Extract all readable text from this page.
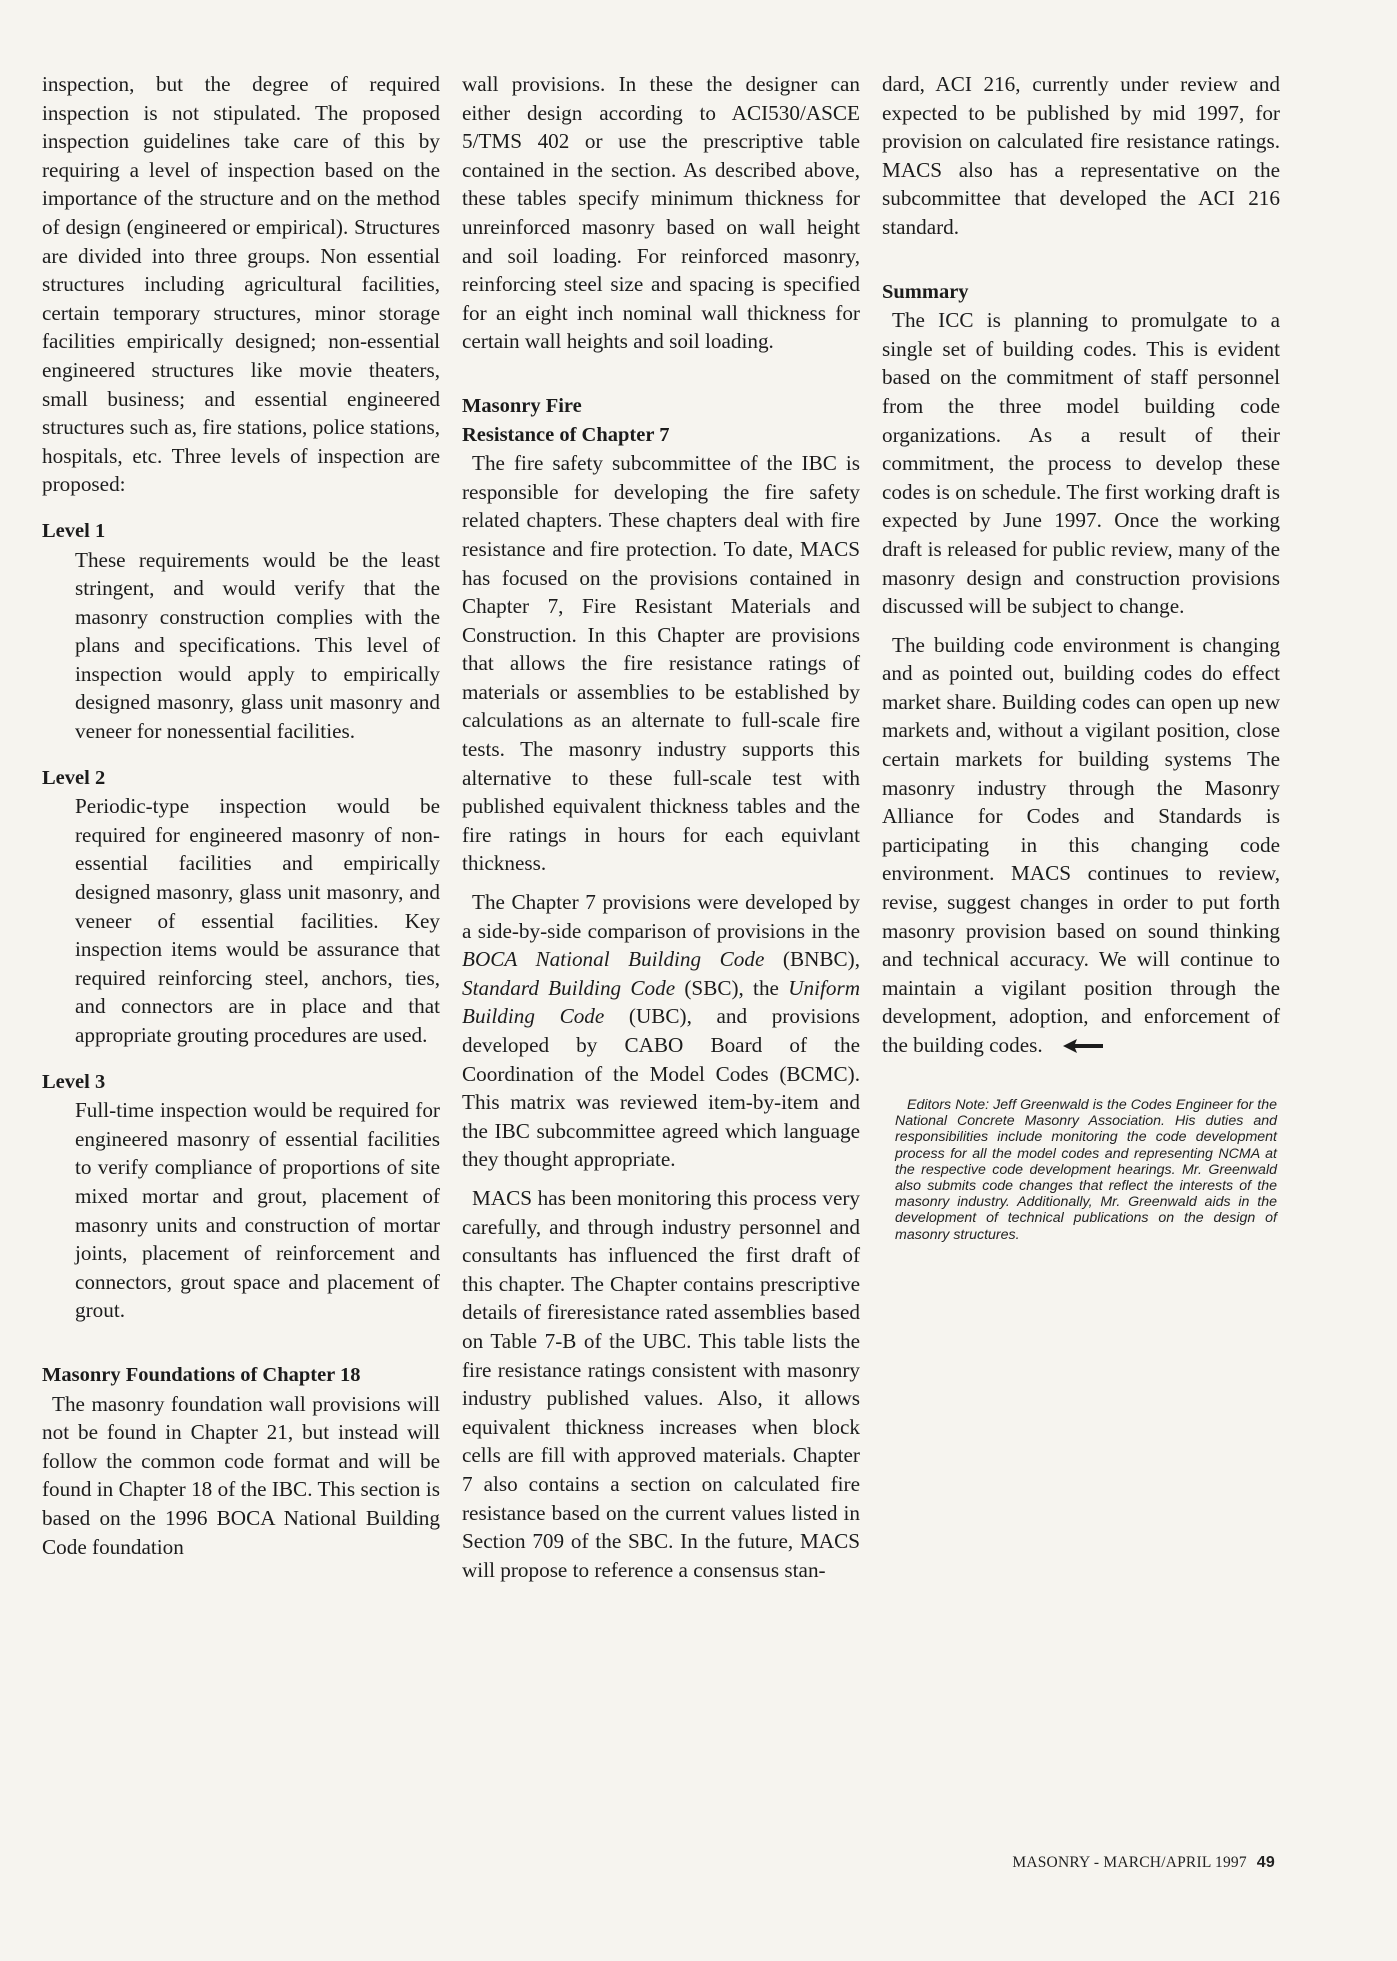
inspection, but the degree of required inspection is not stipulated. The proposed inspection guidelines take care of this by requiring a level of inspection based on the importance of the structure and on the method of design (engineered or empirical). Structures are divided into three groups. Non essential structures including agricultural facilities, certain temporary structures, minor storage facilities empirically designed; non-essential engineered structures like movie theaters, small business; and essential engineered structures such as, fire stations, police stations, hospitals, etc. Three levels of inspection are proposed:

Level 1

These requirements would be the least stringent, and would verify that the masonry construction complies with the plans and specifications. This level of inspection would apply to empirically designed masonry, glass unit masonry and veneer for nonessential facilities.

Level 2

Periodic-type inspection would be required for engineered masonry of non-essential facilities and empirically designed masonry, glass unit masonry, and veneer of essential facilities. Key inspection items would be assurance that required reinforcing steel, anchors, ties, and connectors are in place and that appropriate grouting procedures are used.

Level 3

Full-time inspection would be required for engineered masonry of essential facilities to verify compliance of proportions of site mixed mortar and grout, placement of masonry units and construction of mortar joints, placement of reinforcement and connectors, grout space and placement of grout.

Masonry Foundations of Chapter 18

The masonry foundation wall provisions will not be found in Chapter 21, but instead will follow the common code format and will be found in Chapter 18 of the IBC. This section is based on the 1996 BOCA National Building Code foundation

wall provisions. In these the designer can either design according to ACI530/ASCE 5/TMS 402 or use the prescriptive table contained in the section. As described above, these tables specify minimum thickness for unreinforced masonry based on wall height and soil loading. For reinforced masonry, reinforcing steel size and spacing is specified for an eight inch nominal wall thickness for certain wall heights and soil loading.

Masonry Fire
Resistance of Chapter 7

The fire safety subcommittee of the IBC is responsible for developing the fire safety related chapters. These chapters deal with fire resistance and fire protection. To date, MACS has focused on the provisions contained in Chapter 7, Fire Resistant Materials and Construction. In this Chapter are provisions that allows the fire resistance ratings of materials or assemblies to be established by calculations as an alternate to full-scale fire tests. The masonry industry supports this alternative to these full-scale test with published equivalent thickness tables and the fire ratings in hours for each equivlant thickness.

The Chapter 7 provisions were developed by a side-by-side comparison of provisions in the BOCA National Building Code (BNBC), Standard Building Code (SBC), the Uniform Building Code (UBC), and provisions developed by CABO Board of the Coordination of the Model Codes (BCMC). This matrix was reviewed item-by-item and the IBC subcommittee agreed which language they thought appropriate.

MACS has been monitoring this process very carefully, and through industry personnel and consultants has influenced the first draft of this chapter. The Chapter contains prescriptive details of fireresistance rated assemblies based on Table 7-B of the UBC. This table lists the fire resistance ratings consistent with masonry industry published values. Also, it allows equivalent thickness increases when block cells are fill with approved materials. Chapter 7 also contains a section on calculated fire resistance based on the current values listed in Section 709 of the SBC. In the future, MACS will propose to reference a consensus stan-

dard, ACI 216, currently under review and expected to be published by mid 1997, for provision on calculated fire resistance ratings. MACS also has a representative on the subcommittee that developed the ACI 216 standard.

Summary

The ICC is planning to promulgate to a single set of building codes. This is evident based on the commitment of staff personnel from the three model building code organizations. As a result of their commitment, the process to develop these codes is on schedule. The first working draft is expected by June 1997. Once the working draft is released for public review, many of the masonry design and construction provisions discussed will be subject to change.

The building code environment is changing and as pointed out, building codes do effect market share. Building codes can open up new markets and, without a vigilant position, close certain markets for building systems The masonry industry through the Masonry Alliance for Codes and Standards is participating in this changing code environment. MACS continues to review, revise, suggest changes in order to put forth masonry provision based on sound thinking and technical accuracy. We will continue to maintain a vigilant position through the development, adoption, and enforcement of the building codes.

Editors Note: Jeff Greenwald is the Codes Engineer for the National Concrete Masonry Association. His duties and responsibilities include monitoring the code development process for all the model codes and representing NCMA at the respective code development hearings. Mr. Greenwald also submits code changes that reflect the interests of the masonry industry. Additionally, Mr. Greenwald aids in the development of technical publications on the design of masonry structures.

MASONRY - MARCH/APRIL 1997 49
